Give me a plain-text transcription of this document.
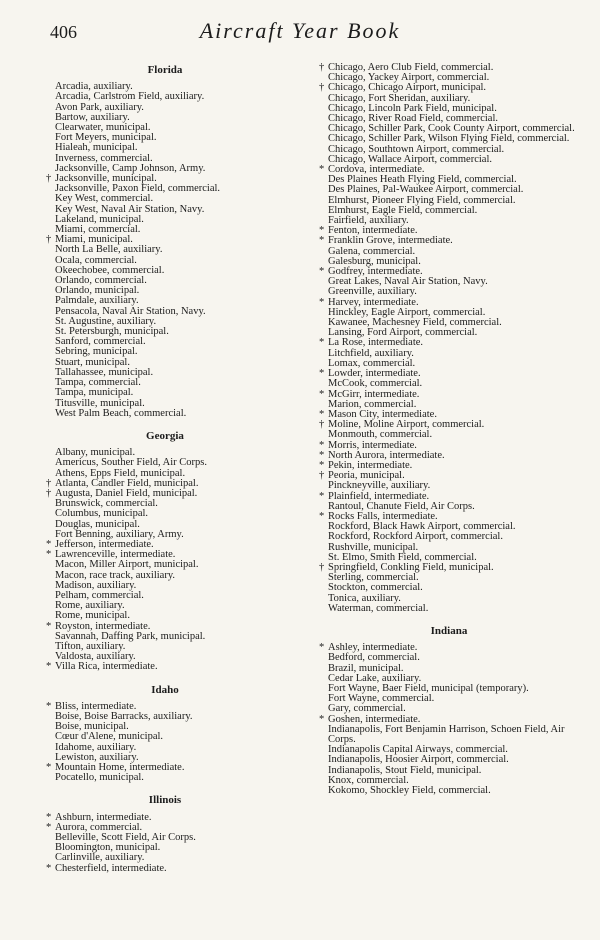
406	Aircraft Year Book
Florida
Arcadia, auxiliary.
Arcadia, Carlstrom Field, auxiliary.
Avon Park, auxiliary.
Bartow, auxiliary.
Clearwater, municipal.
Fort Meyers, municipal.
Hialeah, municipal.
Inverness, commercial.
Jacksonville, Camp Johnson, Army.
† Jacksonville, municipal.
Jacksonville, Paxon Field, commercial.
Key West, commercial.
Key West, Naval Air Station, Navy.
Lakeland, municipal.
Miami, commercial.
† Miami, municipal.
North La Belle, auxiliary.
Ocala, commercial.
Okeechobee, commercial.
Orlando, commercial.
Orlando, municipal.
Palmdale, auxiliary.
Pensacola, Naval Air Station, Navy.
St. Augustine, auxiliary.
St. Petersburgh, municipal.
Sanford, commercial.
Sebring, municipal.
Stuart, municipal.
Tallahassee, municipal.
Tampa, commercial.
Tampa, municipal.
Titusville, municipal.
West Palm Beach, commercial.
Georgia
Albany, municipal.
Americus, Souther Field, Air Corps.
Athens, Epps Field, municipal.
† Atlanta, Candler Field, municipal.
† Augusta, Daniel Field, municipal.
Brunswick, commercial.
Columbus, municipal.
Douglas, municipal.
Fort Benning, auxiliary, Army.
* Jefferson, intermediate.
* Lawrenceville, intermediate.
Macon, Miller Airport, municipal.
Macon, race track, auxiliary.
Madison, auxiliary.
Pelham, commercial.
Rome, auxiliary.
Rome, municipal.
* Royston, intermediate.
Savannah, Daffing Park, municipal.
Tifton, auxiliary.
Valdosta, auxiliary.
* Villa Rica, intermediate.
Idaho
* Bliss, intermediate.
Boise, Boise Barracks, auxiliary.
Boise, municipal.
Cœur d'Alene, municipal.
Idahome, auxiliary.
Lewiston, auxiliary.
* Mountain Home, intermediate.
Pocatello, municipal.
Illinois
* Ashburn, intermediate.
* Aurora, commercial.
Belleville, Scott Field, Air Corps.
Bloomington, municipal.
Carlinville, auxiliary.
* Chesterfield, intermediate.
† Chicago, Aero Club Field, commercial.
Chicago, Yackey Airport, commercial.
† Chicago, Chicago Airport, municipal.
Chicago, Fort Sheridan, auxiliary.
Chicago, Lincoln Park Field, municipal.
Chicago, River Road Field, commercial.
Chicago, Schiller Park, Cook County Airport, commercial.
Chicago, Schiller Park, Wilson Flying Field, commercial.
Chicago, Southtown Airport, commercial.
Chicago, Wallace Airport, commercial.
* Cordova, intermediate.
Des Plaines Heath Flying Field, commercial.
Des Plaines, Pal-Waukee Airport, commercial.
Elmhurst, Pioneer Flying Field, commercial.
Elmhurst, Eagle Field, commercial.
Fairfield, auxiliary.
* Fenton, intermediate.
* Franklin Grove, intermediate.
Galena, commercial.
Galesburg, municipal.
* Godfrey, intermediate.
Great Lakes, Naval Air Station, Navy.
Greenville, auxiliary.
* Harvey, intermediate.
Hinckley, Eagle Airport, commercial.
Kawanee, Machesney Field, commercial.
Lansing, Ford Airport, commercial.
* La Rose, intermediate.
Litchfield, auxiliary.
Lomax, commercial.
* Lowder, intermediate.
McCook, commercial.
* McGirr, intermediate.
Marion, commercial.
* Mason City, intermediate.
† Moline, Moline Airport, commercial.
Monmouth, commercial.
* Morris, intermediate.
* North Aurora, intermediate.
* Pekin, intermediate.
† Peoria, municipal.
Pinckneyville, auxiliary.
* Plainfield, intermediate.
Rantoul, Chanute Field, Air Corps.
* Rocks Falls, intermediate.
Rockford, Black Hawk Airport, commercial.
Rockford, Rockford Airport, commercial.
Rushville, municipal.
St. Elmo, Smith Field, commercial.
† Springfield, Conkling Field, municipal.
Sterling, commercial.
Stockton, commercial.
Tonica, auxiliary.
Waterman, commercial.
Indiana
* Ashley, intermediate.
Bedford, commercial.
Brazil, municipal.
Cedar Lake, auxiliary.
Fort Wayne, Baer Field, municipal (temporary).
Fort Wayne, commercial.
Gary, commercial.
* Goshen, intermediate.
Indianapolis, Fort Benjamin Harrison, Schoen Field, Air Corps.
Indianapolis Capital Airways, commercial.
Indianapolis, Hoosier Airport, commercial.
Indianapolis, Stout Field, municipal.
Knox, commercial.
Kokomo, Shockley Field, commercial.
